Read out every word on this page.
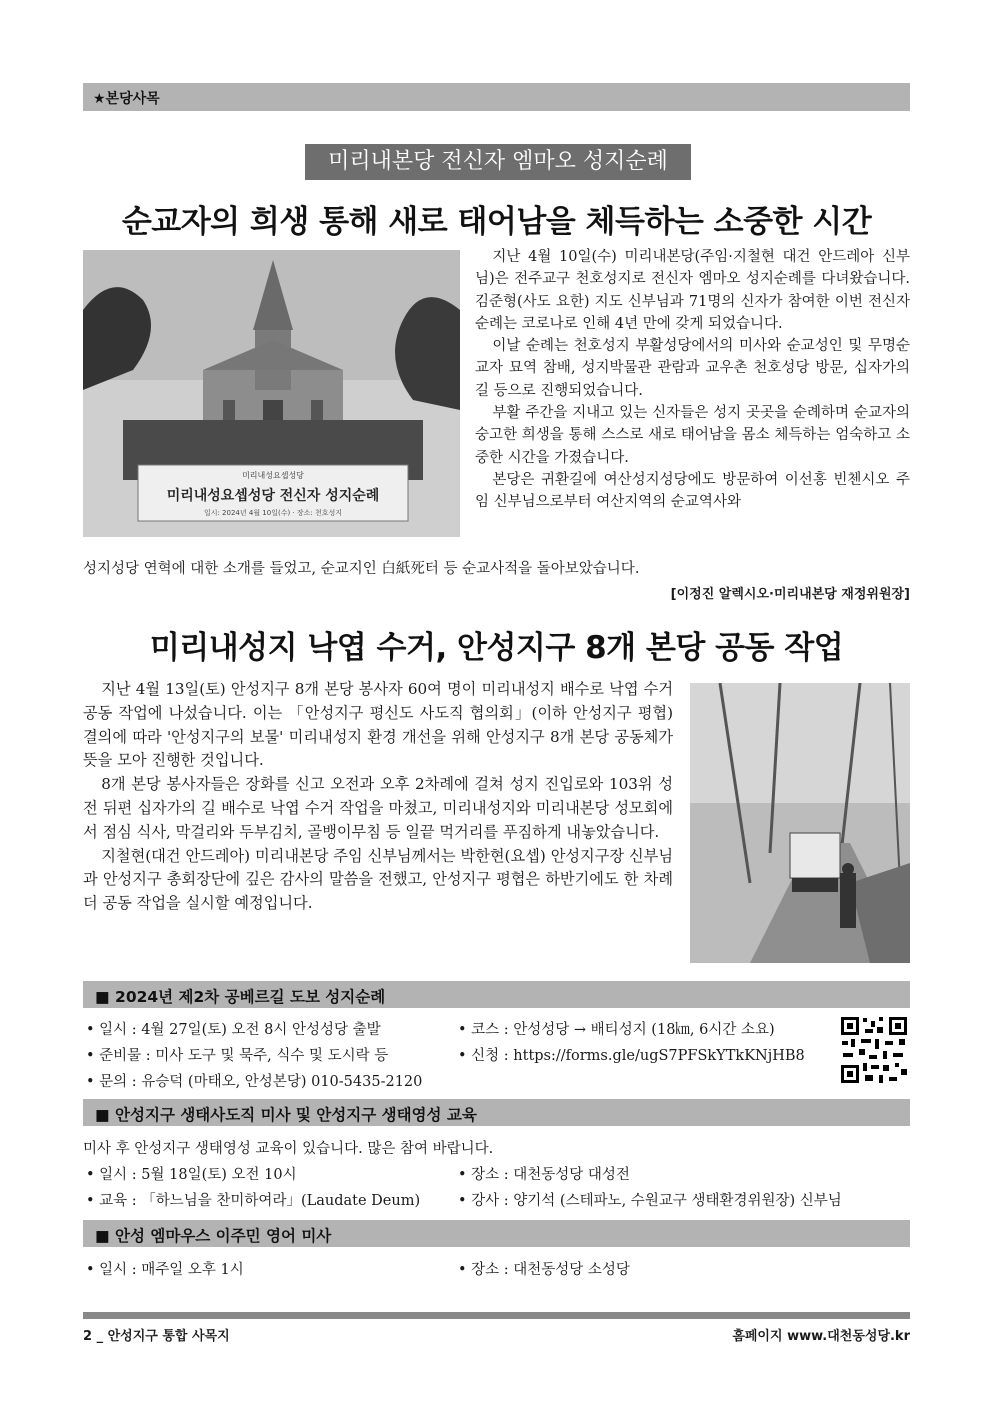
★본당사목
미리내본당 전신자 엠마오 성지순례
순교자의 희생 통해 새로 태어남을 체득하는 소중한 시간
미리내성요셉성당
미리내성요셉성당 전신자 성지순례
일시: 2024년 4월 10일(수) · 장소: 천호성지

지난 4월 10일(수) 미리내본당(주임·지철현 대건 안드레아 신부님)은 전주교구 천호성지로 전신자 엠마오 성지순례를 다녀왔습니다. 김준형(사도 요한) 지도 신부님과 71명의 신자가 참여한 이번 전신자 순례는 코로나로 인해 4년 만에 갖게 되었습니다.

이날 순례는 천호성지 부활성당에서의 미사와 순교성인 및 무명순교자 묘역 참배, 성지박물관 관람과 교우촌 천호성당 방문, 십자가의 길 등으로 진행되었습니다.

부활 주간을 지내고 있는 신자들은 성지 곳곳을 순례하며 순교자의 숭고한 희생을 통해 스스로 새로 태어남을 몸소 체득하는 엄숙하고 소중한 시간을 가졌습니다.

본당은 귀환길에 여산성지성당에도 방문하여 이선홍 빈첸시오 주임 신부님으로부터 여산지역의 순교역사와

성지성당 연혁에 대한 소개를 들었고, 순교지인 白紙死터 등 순교사적을 돌아보았습니다.
[이정진 알렉시오·미리내본당 재정위원장]
미리내성지 낙엽 수거, 안성지구 8개 본당 공동 작업

지난 4월 13일(토) 안성지구 8개 본당 봉사자 60여 명이 미리내성지 배수로 낙엽 수거 공동 작업에 나섰습니다. 이는 「안성지구 평신도 사도직 협의회」(이하 안성지구 평협) 결의에 따라 '안성지구의 보물' 미리내성지 환경 개선을 위해 안성지구 8개 본당 공동체가 뜻을 모아 진행한 것입니다.

8개 본당 봉사자들은 장화를 신고 오전과 오후 2차례에 걸쳐 성지 진입로와 103위 성전 뒤편 십자가의 길 배수로 낙엽 수거 작업을 마쳤고, 미리내성지와 미리내본당 성모회에서 점심 식사, 막걸리와 두부김치, 골뱅이무침 등 일끝 먹거리를 푸짐하게 내놓았습니다.

지철현(대건 안드레아) 미리내본당 주임 신부님께서는 박한현(요셉) 안성지구장 신부님과 안성지구 총회장단에 깊은 감사의 말씀을 전했고, 안성지구 평협은 하반기에도 한 차례 더 공동 작업을 실시할 예정입니다.

■ 2024년 제2차 공베르길 도보 성지순례
• 일시 : 4월 27일(토) 오전 8시 안성성당 출발	• 코스 : 안성성당 → 배티성지 (18㎞, 6시간 소요)
• 준비물 : 미사 도구 및 묵주, 식수 및 도시락 등	• 신청 : https://forms.gle/ugS7PFSkYTkKNjHB8
• 문의 : 유승덕 (마태오, 안성본당) 010-5435-2120
■ 안성지구 생태사도직 미사 및 안성지구 생태영성 교육
미사 후 안성지구 생태영성 교육이 있습니다. 많은 참여 바랍니다.
• 일시 : 5월 18일(토) 오전 10시	• 장소 : 대천동성당 대성전
• 교육 : 「하느님을 찬미하여라」(Laudate Deum)	• 강사 : 양기석 (스테파노, 수원교구 생태환경위원장) 신부님
■ 안성 엠마우스 이주민 영어 미사
• 일시 : 매주일 오후 1시	• 장소 : 대천동성당 소성당
2 _ 안성지구 통합 사목지	홈페이지 www.대천동성당.kr
